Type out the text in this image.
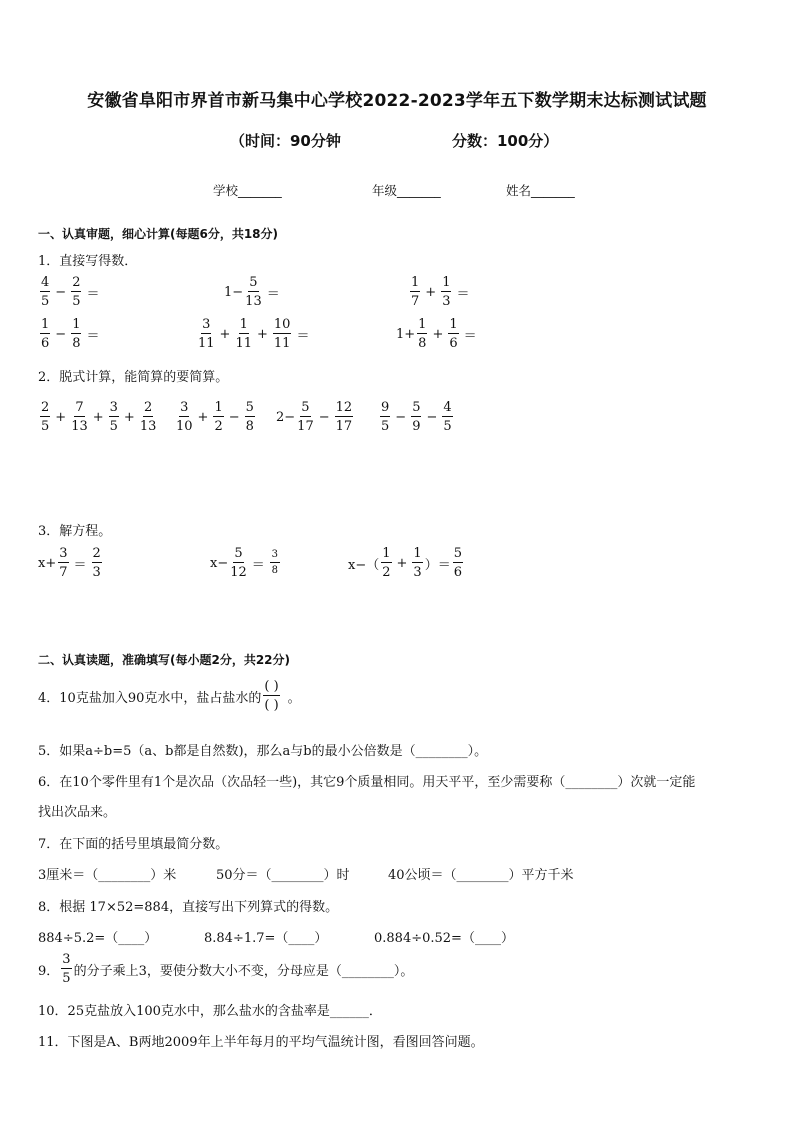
安徽省阜阳市界首市新马集中心学校2022-2023学年五下数学期末达标测试试题
（时间：90分钟	分数：100分）
学校_______	年级_______	姓名_______
一、认真审题，细心计算(每题6分，共18分)
1．直接写得数．
$\frac{4}{5} - \frac{2}{5}$ ＝	$1- \frac{5}{13}$ ＝	$\frac{1}{7} + \frac{1}{3}$ ＝
$\frac{1}{6} - \frac{1}{8}$ ＝	$\frac{3}{11} + \frac{1}{11} + \frac{10}{11}$ ＝	$1+ \frac{1}{8} + \frac{1}{6}$ ＝
2．脱式计算，能简算的要简算。
$\frac{2}{5} + \frac{7}{13} + \frac{3}{5} + \frac{2}{13} \frac{3}{10} + \frac{1}{2} - \frac{5}{8} 2- \frac{5}{17} - \frac{12}{17} \frac{9}{5} - \frac{5}{9} - \frac{4}{5}$
3．解方程。
$x+ \frac{3}{7} = \frac{2}{3}$	$x- \frac{5}{12} = \frac{3}{8}$	$x-( \frac{1}{2} + \frac{1}{3}$ ）＝ $\frac{5}{6}$
二、认真读题，准确填写(每小题2分，共22分)
4．10克盐加入90克水中，盐占盐水的 $\frac{( )}{( )}$ 。
5．如果a÷b=5（a、b都是自然数)，那么a与b的最小公倍数是（________）。
6．在10个零件里有1个是次品（次品轻一些)，其它9个质量相同。用天平平，至少需要称（________）次就一定能
找出次品来。
7．在下面的括号里填最简分数。
3厘米＝（________）米	50分＝（________）时	40公顷＝（________）平方千米
8．根据 17×52=884，直接写出下列算式的得数。
884÷5.2=（____）	8.84÷1.7=（____）	0.884÷0.52=（____）
9． $\frac{3}{5}$ 的分子乘上3，要使分数大小不变，分母应是（________）。
10．25克盐放入100克水中，那么盐水的含盐率是______．
11．下图是A、B两地2009年上半年每月的平均气温统计图，看图回答问题。
